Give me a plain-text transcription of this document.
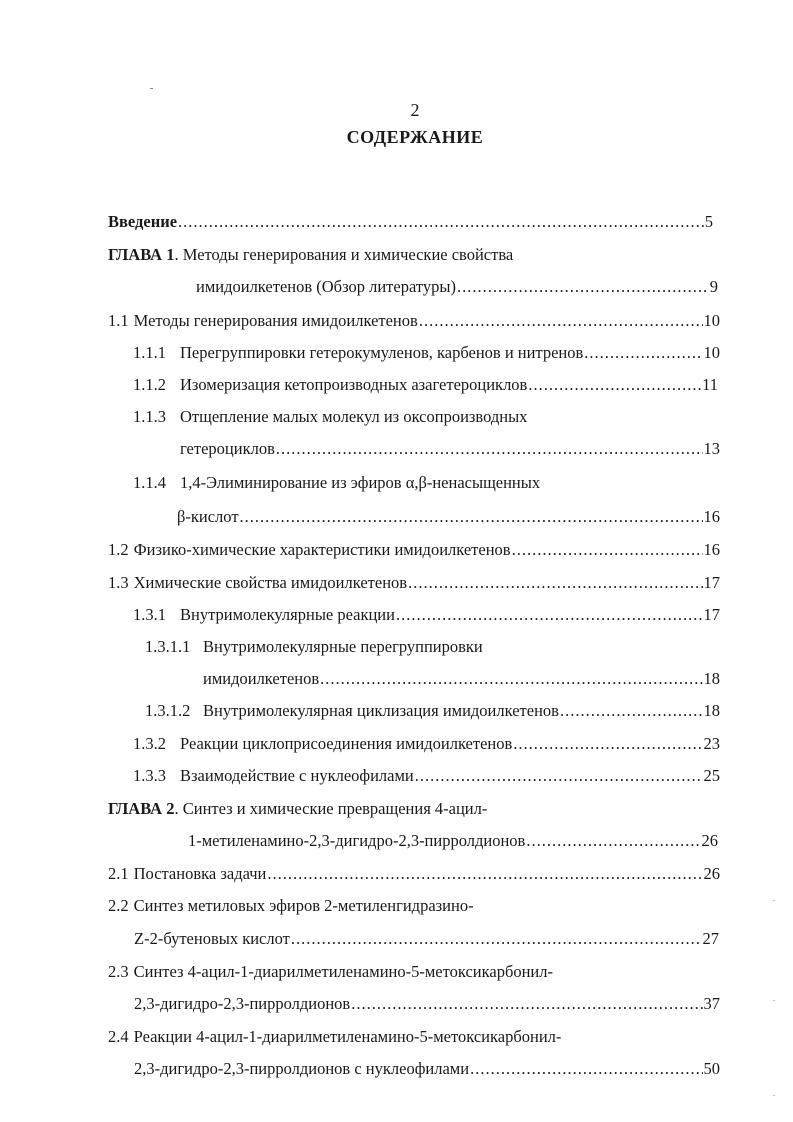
2
СОДЕРЖАНИЕ
Введение .....	5
ГЛАВА 1. Методы генерирования и химические свойства
имидоилкетенов (Обзор литературы) .....	9
1.1 Методы генерирования имидоилкетенов .....	10
1.1.1 Перегруппировки гетерокумуленов, карбенов и нитренов .....	10
1.1.2 Изомеризация кетопроизводных азагетероциклов .....	11
1.1.3 Отщепление малых молекул из оксопроизводных
гетероциклов .....	13
1.1.4 1,4-Элиминирование из эфиров α,β-ненасыщенных
β-кислот .....	16
1.2 Физико-химические характеристики имидоилкетенов .....	16
1.3 Химические свойства имидоилкетенов .....	17
1.3.1 Внутримолекулярные реакции .....	17
1.3.1.1 Внутримолекулярные перегруппировки
имидоилкетенов .....	18
1.3.1.2 Внутримолекулярная циклизация имидоилкетенов .....	18
1.3.2 Реакции циклоприсоединения имидоилкетенов .....	23
1.3.3 Взаимодействие с нуклеофилами .....	25
ГЛАВА 2. Синтез и химические превращения 4-ацил-
1-метиленамино-2,3-дигидро-2,3-пирролдионов .....	26
2.1 Постановка задачи .....	26
2.2 Синтез метиловых эфиров 2-метиленгидразино-
Z-2-бутеновых кислот .....	27
2.3 Синтез 4-ацил-1-диарилметиленамино-5-метоксикарбонил-
2,3-дигидро-2,3-пирролдионов .....	37
2.4 Реакции 4-ацил-1-диарилметиленамино-5-метоксикарбонил-
2,3-дигидро-2,3-пирролдионов с нуклеофилами .....	50
